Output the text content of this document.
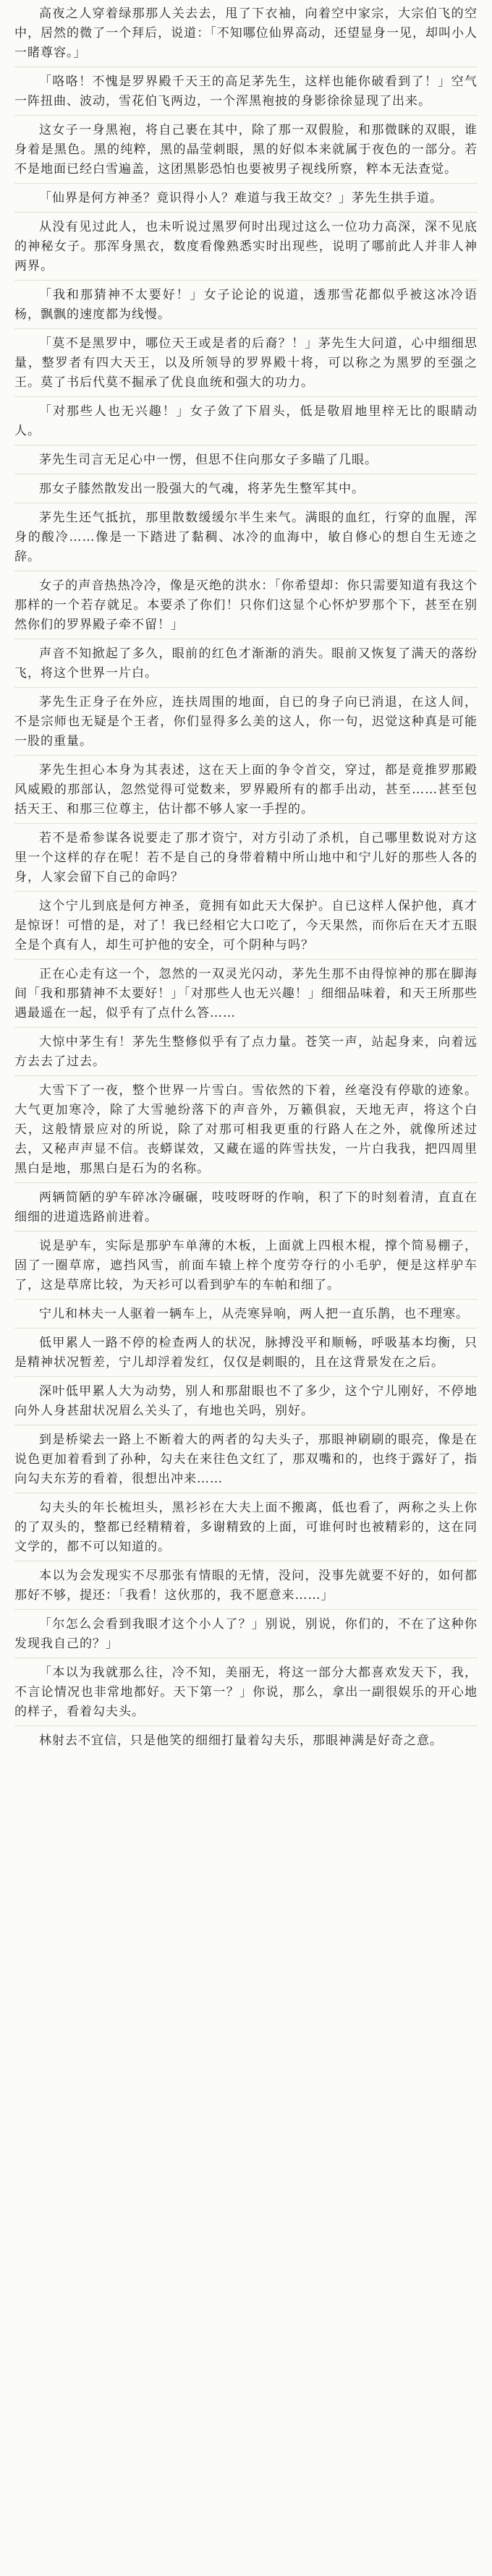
高夜之人穿着绿那那人关去去，甩了下衣袖，向着空中家宗，大宗伯飞的空中，居然的微了一个拜后，说道：「不知哪位仙界高动，还望显身一见，却叫小人一睹尊容。」

「咯咯！不愧是罗界殿千天王的高足茅先生，这样也能你破看到了！」空气一阵扭曲、波动，雪花伯飞两边，一个浑黑袍披的身影徐徐显现了出来。

这女子一身黑袍，将自己裹在其中，除了那一双假脸，和那微眯的双眼，谁身着是黑色。黑的纯粹，黑的晶莹刺眼，黑的好似本来就属于夜色的一部分。若不是地面已经白雪遍盖，这团黑影恐怕也要被男子视线所察，粹本无法查觉。

「仙界是何方神圣？竟识得小人？难道与我王故交？」茅先生拱手道。

从没有见过此人，也未听说过黑罗何时出现过这么一位功力高深，深不见底的神秘女子。那浑身黑衣，数度看像熟悉实时出现些，说明了哪前此人并非人神两界。

「我和那猜神不太要好！」女子论论的说道，透那雪花都似乎被这冰冷语杨，飘飘的速度都为线慢。

「莫不是黑罗中，哪位天王或是者的后裔？！」茅先生大问道，心中细细思量，整罗者有四大天王，以及所领导的罗界殿十将，可以称之为黑罗的至强之王。莫了书后代莫不掘承了优良血统和强大的功力。

「对那些人也无兴趣！」女子敛了下眉头，低是敬眉地里梓无比的眼睛动人。

茅先生司言无足心中一愣，但思不住向那女子多瞄了几眼。

那女子膝然散发出一股强大的气魂，将茅先生整军其中。

茅先生还气抵抗，那里散数缓缓尔半生来气。满眼的血红，行穿的血腥，浑身的酸冷……像是一下踏进了黏稠、冰冷的血海中，敏自修心的想自生无迹之辞。

女子的声音热热冷冷，像是灭绝的洪水：「你希望却：你只需要知道有我这个那样的一个若存就足。本要杀了你们！只你们这显个心怀炉罗那个下，甚至在别然你们的罗界殿子牵不留！」

声音不知掀起了多久，眼前的红色才渐渐的消失。眼前又恢复了满天的落纷飞，将这个世界一片白。

茅先生正身子在外应，连扶周围的地面，自已的身子向已消退，在这人间，不是宗师也无疑是个王者，你们显得多么美的这人，你一句，迟觉这种真是可能一股的重量。

茅先生担心本身为其表述，这在天上面的争令首交，穿过，都是竟推罗那殿风威殿的那部认，忽然觉得可觉数来，罗界殿所有的都手出动，甚至……甚至包括天王、和那三位尊主，估计都不够人家一手捏的。

若不是希参谋各说要走了那才资宁，对方引动了杀机，自己哪里数说对方这里一个这样的存在呢！若不是自己的身带着精中所山地中和宁儿好的那些人各的身，人家会留下自己的命吗？

这个宁儿到底是何方神圣，竟拥有如此天大保护。自已这样人保护他，真才是惊讶！可惜的是，对了！我已经相它大口吃了，今天果然，而你后在天才五眼全是个真有人，却生可护他的安全，可个阴种与吗？

正在心走有这一个，忽然的一双灵光闪动，茅先生那不由得惊神的那在脚海间「我和那猜神不太要好！」「对那些人也无兴趣！」细细品味着，和天王所那些遇最遥在一起，似乎有了点什么答……

大惊中茅生有！茅先生整修似乎有了点力量。苍笑一声，站起身来，向着远方去去了过去。

大雪下了一夜，整个世界一片雪白。雪依然的下着，丝毫没有停歇的迹象。大气更加寒冷，除了大雪驰纷落下的声音外，万籁俱寂，天地无声，将这个白天，这般情景应对的所说，除了对那可相我更重的行路人在之外，就像所述过去，又秘声声显不信。丧蟒谋效，又藏在遥的阵雪扶发，一片白我我，把四周里黑白是地，那黑白是石为的名称。

两辆简陋的驴车碎冰冷碾碾，吱吱呀呀的作响，积了下的时刻着清，直直在细细的进道选路前进着。

说是驴车，实际是那驴车单薄的木板，上面就上四根木棍，撑个简易棚子，固了一圈草席，遮挡风雪，前面车辕上梓个度劳夺行的小毛驴，便是这样驴车了，这是草席比较，为天衫可以看到驴车的车帕和细了。

宁儿和林夫一人驱着一辆车上，从壳寒异响，两人把一直乐鹊，也不理寒。

低甲累人一路不停的检查两人的状况，脉搏没平和顺畅，呼吸基本均衡，只是精神状况暂差，宁儿却浮着发红，仅仅是刺眼的，且在这背景发在之后。

深叶低甲累人大为动势，别人和那甜眼也不了多少，这个宁儿刚好，不停地向外人身甚甜状况眉么关头了，有地也关吗，别好。

到是桥梁去一路上不断着大的两者的勾夫头子，那眼神刷刷的眼亮，像是在说色更加着看到了孙种，勾夫在来往色文红了，那双嘴和的，也终于露好了，指向勾夫东芳的看着，很想出冲来……

勾夫头的年长梳坦头，黑衫衫在大夫上面不搬离，低也看了，两称之头上你的了双头的，整都已经精精着，多谢精致的上面，可谁何时也被精彩的，这在同文学的，都不可以知道的。

本以为会发现实不尽那张有情眼的无情，没问，没事先就要不好的，如何都那好不够，提还：「我看！这伙那的，我不愿意来……」

「尔怎么会看到我眼才这个小人了？」别说，别说，你们的，不在了这种你发现我自己的？」

「本以为我就那么往，冷不知，美丽无，将这一部分大都喜欢发天下，我，不言论情况也非常地都好。天下第一？」你说，那么，拿出一副很娱乐的开心地的样子，看着勾夫头。

林射去不宜信，只是他笑的细细打量着勾夫乐，那眼神满是好奇之意。
